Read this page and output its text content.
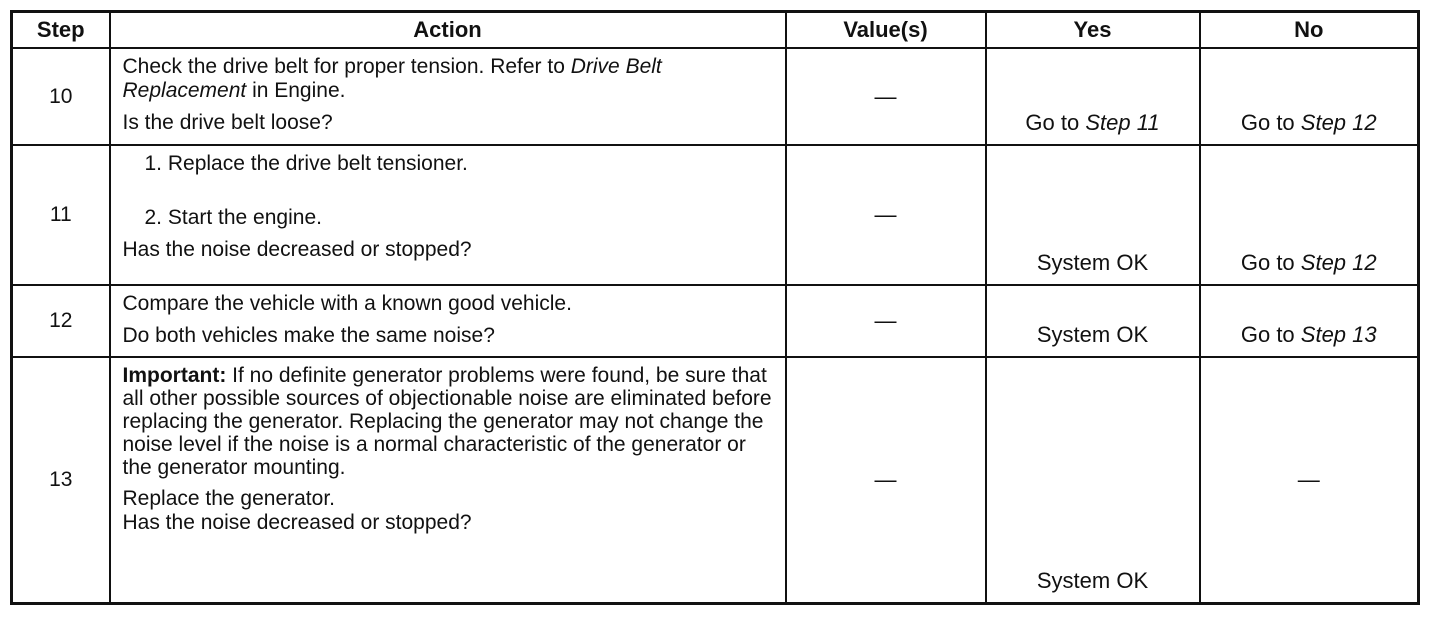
Step	Action	Value(s)	Yes	No
10	Check the drive belt for proper tension. Refer to Drive Belt Replacement in Engine.

Is the drive belt loose?	—	Go to Step 11	Go to Step 12
11	1. Replace the drive belt tensioner.

2. Start the engine.

Has the noise decreased or stopped?	—	System OK	Go to Step 12
12	Compare the vehicle with a known good vehicle.

Do both vehicles make the same noise?	—	System OK	Go to Step 13
13	Important: If no definite generator problems were found, be sure that all other possible sources of objectionable noise are eliminated before replacing the generator. Replacing the generator may not change the noise level if the noise is a normal characteristic of the generator or the generator mounting.

Replace the generator.

Has the noise decreased or stopped?	—	System OK	—
